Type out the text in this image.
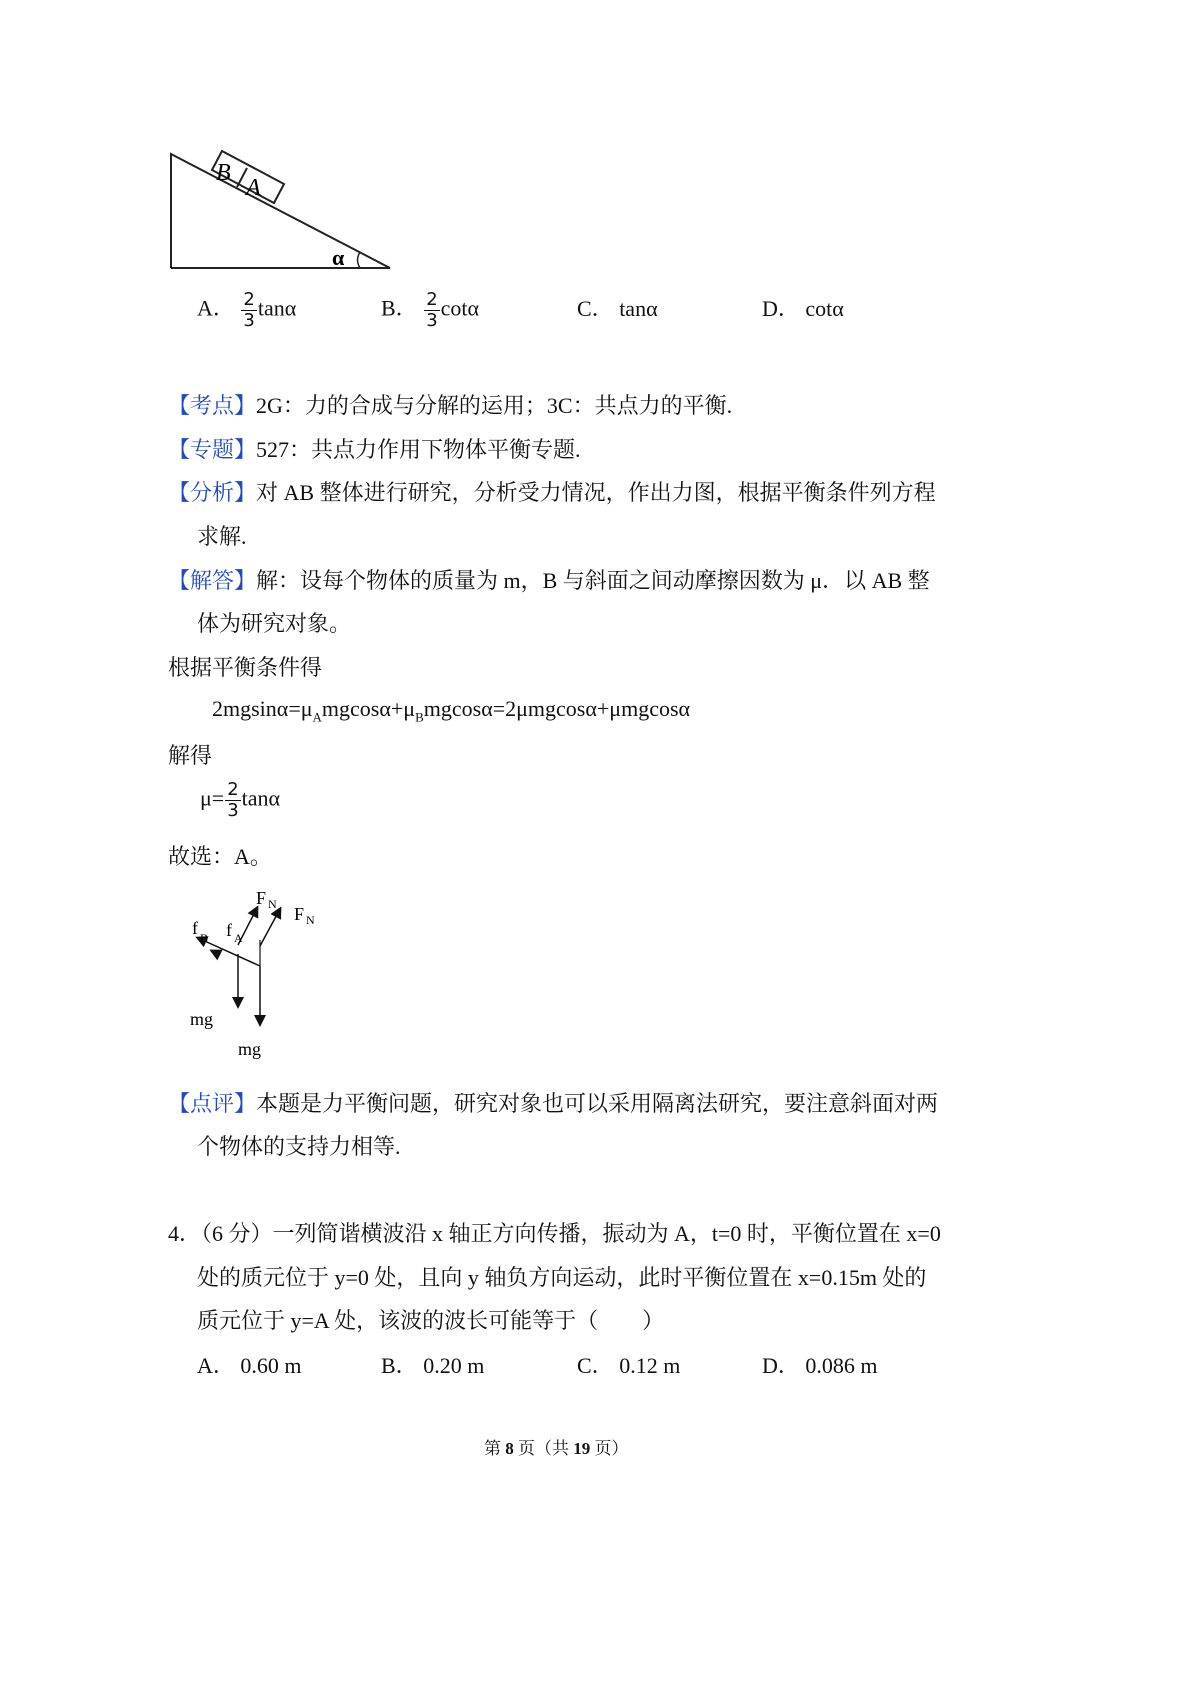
B
A
α
A． $\frac{2}{3}$ tanα	B． $\frac{2}{3}$ cotα	C． tanα	D． cotα
【考点】2G：力的合成与分解的运用；3C：共点力的平衡.
【专题】527：共点力作用下物体平衡专题.
【分析】对 AB 整体进行研究，分析受力情况，作出力图，根据平衡条件列方程
求解.
【解答】解：设每个物体的质量为 m，B 与斜面之间动摩擦因数为 μ．以 AB 整
体为研究对象。
根据平衡条件得
$2mgsin\alpha=\mu_Amgcos\alpha+\mu_Bmgcos\alpha=2\mu mgcos\alpha+\mu mgcos\alpha$
解得
$\mu= \frac{2}{3}$ tanα
故选：A。
F N F N
f B f A
mg
mg
【点评】本题是力平衡问题，研究对象也可以采用隔离法研究，要注意斜面对两
个物体的支持力相等.
4．（6 分）一列简谐横波沿 x 轴正方向传播，振动为 A，t=0 时，平衡位置在 x=0
处的质元位于 y=0 处，且向 y 轴负方向运动，此时平衡位置在 x=0.15m 处的
质元位于 y=A 处，该波的波长可能等于（　　）
A． 0.60 m	B． 0.20 m	C． 0.12 m	D． 0.086 m
第 8 页（共 19 页）
